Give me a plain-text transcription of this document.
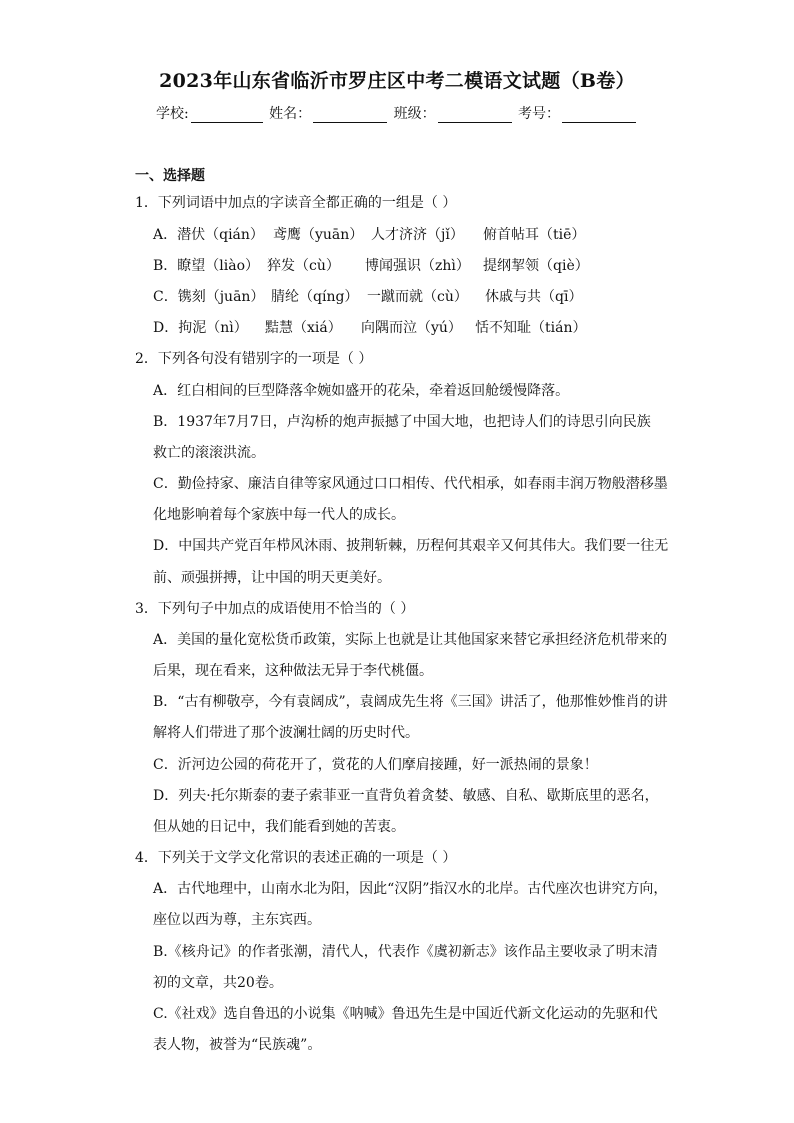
2023年山东省临沂市罗庄区中考二模语文试题（B卷）
学校:	姓名：	班级：	考号：
一、选择题
1．下列词语中加点的字读音全都正确的一组是（ ）
A．潜伏（qián） 鸢鹰（yuān） 人才济济（jǐ） 俯首帖耳（tiē）
B．瞭望（liào） 猝发（cù） 博闻强识（zhì） 提纲挈领（qiè）
C．镌刻（juān） 腈纶（qíng） 一蹴而就（cù） 休戚与共（qī）
D．拘泥（nì） 黠慧（xiá） 向隅而泣（yú） 恬不知耻（tián）
2．下列各句没有错别字的一项是（ ）
A．红白相间的巨型降落伞婉如盛开的花朵，牵着返回舱缓慢降落。
B．1937年7月7日，卢沟桥的炮声振撼了中国大地，也把诗人们的诗思引向民族
救亡的滚滚洪流。
C．勤俭持家、廉洁自律等家风通过口口相传、代代相承，如春雨丰润万物般潜移墨
化地影响着每个家族中每一代人的成长。
D．中国共产党百年栉风沐雨、披荆斩棘，历程何其艰辛又何其伟大。我们要一往无
前、顽强拼搏，让中国的明天更美好。
3．下列句子中加点的成语使用不恰当的（ ）
A．美国的量化宽松货币政策，实际上也就是让其他国家来替它承担经济危机带来的
后果，现在看来，这种做法无异于李代桃僵。
B．“古有柳敬亭，今有袁阔成”，袁阔成先生将《三国》讲活了，他那惟妙惟肖的讲
解将人们带进了那个波澜壮阔的历史时代。
C．沂河边公园的荷花开了，赏花的人们摩肩接踵，好一派热闹的景象！
D．列夫·托尔斯泰的妻子索菲亚一直背负着贪婪、敏感、自私、歇斯底里的恶名，
但从她的日记中，我们能看到她的苦衷。
4．下列关于文学文化常识的表述正确的一项是（ ）
A．古代地理中，山南水北为阳，因此“汉阴”指汉水的北岸。古代座次也讲究方向，
座位以西为尊，主东宾西。
B.《核舟记》的作者张潮，清代人，代表作《虞初新志》该作品主要收录了明末清
初的文章，共20卷。
C.《社戏》选自鲁迅的小说集《呐喊》鲁迅先生是中国近代新文化运动的先驱和代
表人物，被誉为“民族魂”。
